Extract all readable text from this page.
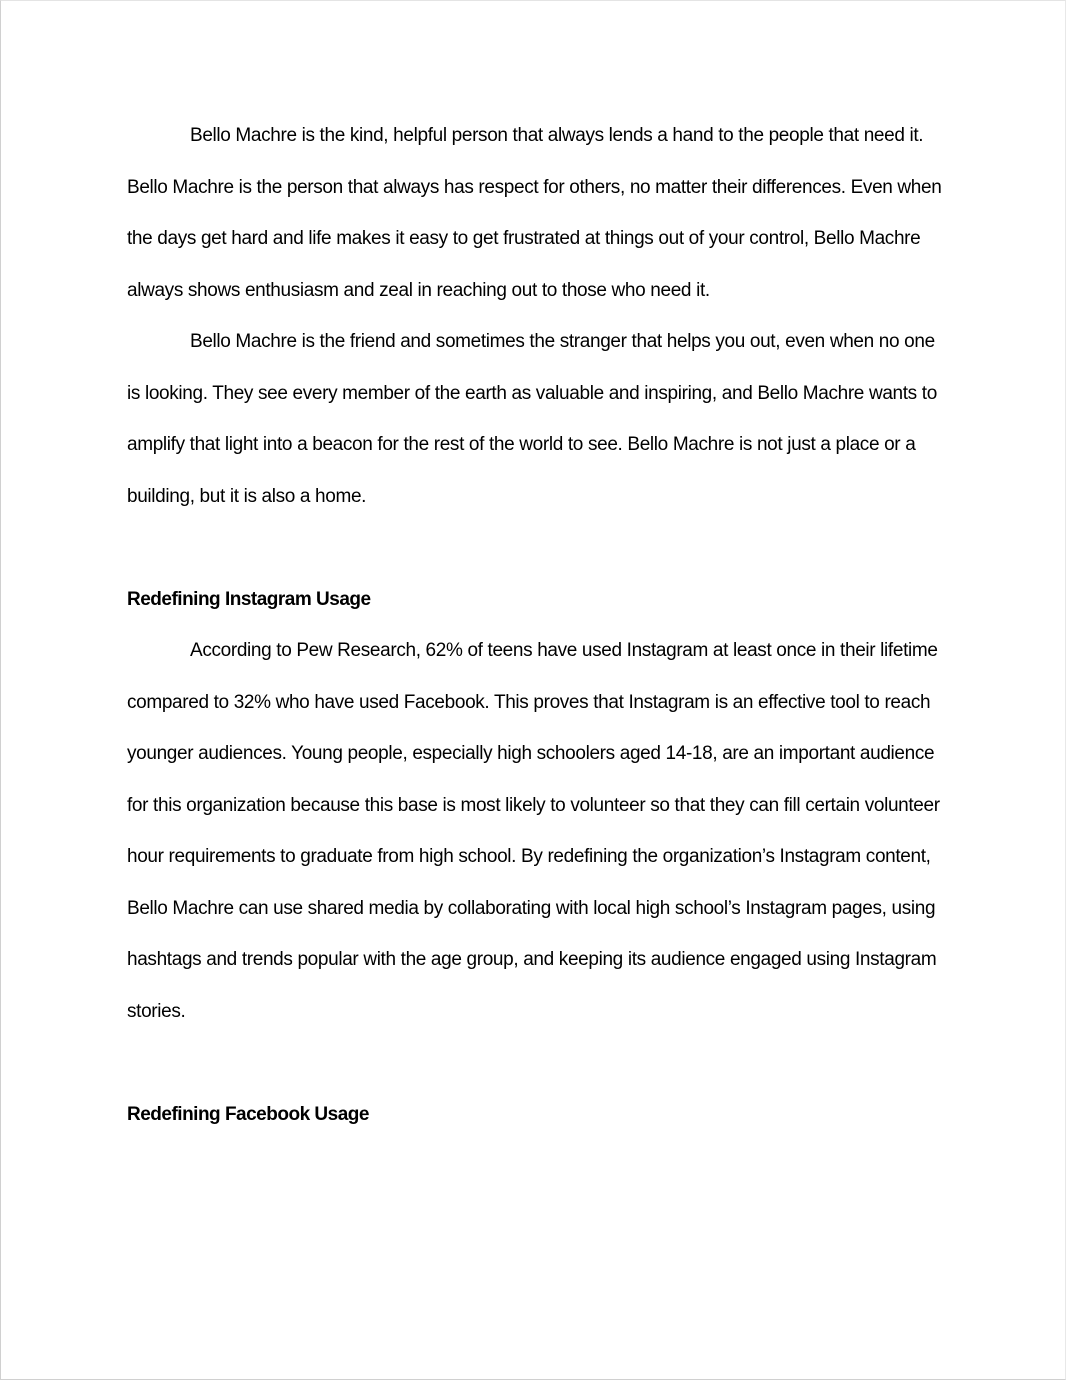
Bello Machre is the kind, helpful person that always lends a hand to the people that need it. Bello Machre is the person that always has respect for others, no matter their differences. Even when the days get hard and life makes it easy to get frustrated at things out of your control, Bello Machre always shows enthusiasm and zeal in reaching out to those who need it.

Bello Machre is the friend and sometimes the stranger that helps you out, even when no one is looking. They see every member of the earth as valuable and inspiring, and Bello Machre wants to amplify that light into a beacon for the rest of the world to see. Bello Machre is not just a place or a building, but it is also a home.

Redefining Instagram Usage

According to Pew Research, 62% of teens have used Instagram at least once in their lifetime compared to 32% who have used Facebook. This proves that Instagram is an effective tool to reach younger audiences. Young people, especially high schoolers aged 14-18, are an important audience for this organization because this base is most likely to volunteer so that they can fill certain volunteer hour requirements to graduate from high school. By redefining the organization’s Instagram content, Bello Machre can use shared media by collaborating with local high school’s Instagram pages, using hashtags and trends popular with the age group, and keeping its audience engaged using Instagram stories.

Redefining Facebook Usage
